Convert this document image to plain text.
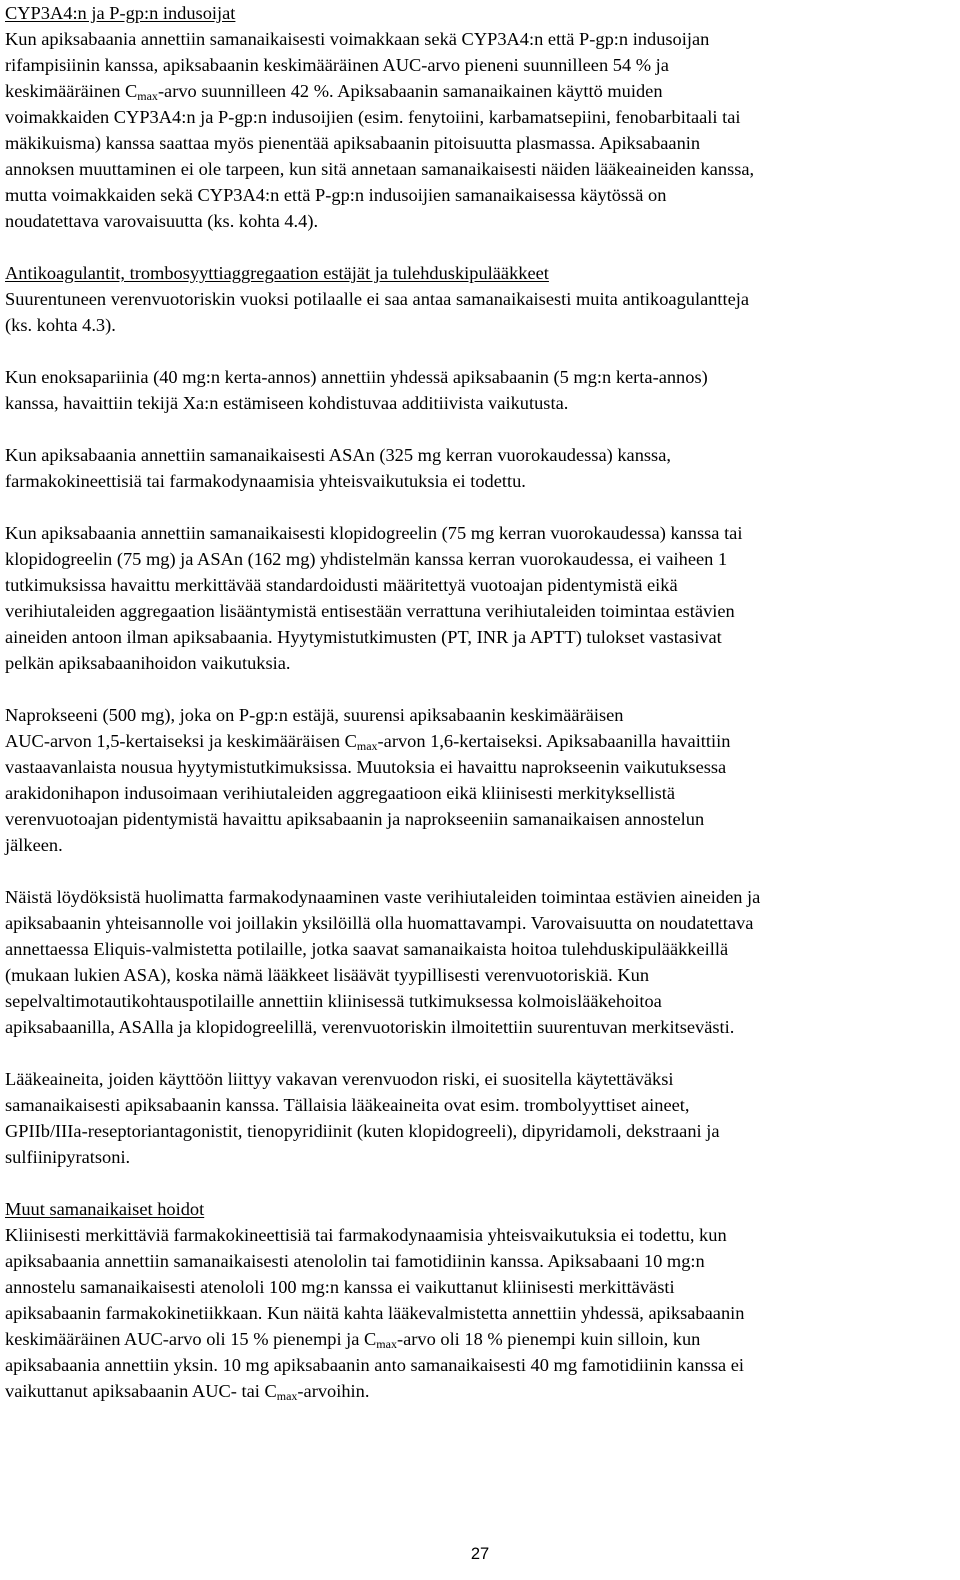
CYP3A4:n ja P-gp:n indusoijat
Kun apiksabaania annettiin samanaikaisesti voimakkaan sekä CYP3A4:n että P-gp:n indusoijan
rifampisiinin kanssa, apiksabaanin keskimääräinen AUC-arvo pieneni suunnilleen 54 % ja
keskimääräinen $C_{max}$-arvo suunnilleen 42 %. Apiksabaanin samanaikainen käyttö muiden
voimakkaiden CYP3A4:n ja P-gp:n indusoijien (esim. fenytoiini, karbamatsepiini, fenobarbitaali tai
mäkikuisma) kanssa saattaa myös pienentää apiksabaanin pitoisuutta plasmassa. Apiksabaanin
annoksen muuttaminen ei ole tarpeen, kun sitä annetaan samanaikaisesti näiden lääkeaineiden kanssa,
mutta voimakkaiden sekä CYP3A4:n että P-gp:n indusoijien samanaikaisessa käytössä on
noudatettava varovaisuutta (ks. kohta 4.4).
Antikoagulantit, trombosyyttiaggregaation estäjät ja tulehduskipulääkkeet
Suurentuneen verenvuotoriskin vuoksi potilaalle ei saa antaa samanaikaisesti muita antikoagulantteja
(ks. kohta 4.3).
Kun enoksapariinia (40 mg:n kerta-annos) annettiin yhdessä apiksabaanin (5 mg:n kerta-annos)
kanssa, havaittiin tekijä Xa:n estämiseen kohdistuvaa additiivista vaikutusta.
Kun apiksabaania annettiin samanaikaisesti ASAn (325 mg kerran vuorokaudessa) kanssa,
farmakokineettisiä tai farmakodynaamisia yhteisvaikutuksia ei todettu.
Kun apiksabaania annettiin samanaikaisesti klopidogreelin (75 mg kerran vuorokaudessa) kanssa tai
klopidogreelin (75 mg) ja ASAn (162 mg) yhdistelmän kanssa kerran vuorokaudessa, ei vaiheen 1
tutkimuksissa havaittu merkittävää standardoidusti määritettyä vuotoajan pidentymistä eikä
verihiutaleiden aggregaation lisääntymistä entisestään verrattuna verihiutaleiden toimintaa estävien
aineiden antoon ilman apiksabaania. Hyytymistutkimusten (PT, INR ja APTT) tulokset vastasivat
pelkän apiksabaanihoidon vaikutuksia.
Naprokseeni (500 mg), joka on P-gp:n estäjä, suurensi apiksabaanin keskimääräisen
AUC-arvon 1,5-kertaiseksi ja keskimääräisen $C_{max}$-arvon 1,6-kertaiseksi. Apiksabaanilla havaittiin
vastaavanlaista nousua hyytymistutkimuksissa. Muutoksia ei havaittu naprokseenin vaikutuksessa
arakidonihapon indusoimaan verihiutaleiden aggregaatioon eikä kliinisesti merkityksellistä
verenvuotoajan pidentymistä havaittu apiksabaanin ja naprokseeniin samanaikaisen annostelun
jälkeen.
Näistä löydöksistä huolimatta farmakodynaaminen vaste verihiutaleiden toimintaa estävien aineiden ja
apiksabaanin yhteisannolle voi joillakin yksilöillä olla huomattavampi. Varovaisuutta on noudatettava
annettaessa Eliquis-valmistetta potilaille, jotka saavat samanaikaista hoitoa tulehduskipulääkkeillä
(mukaan lukien ASA), koska nämä lääkkeet lisäävät tyypillisesti verenvuotoriskiä. Kun
sepelvaltimotautikohtauspotilaille annettiin kliinisessä tutkimuksessa kolmoislääkehoitoa
apiksabaanilla, ASAlla ja klopidogreelillä, verenvuotoriskin ilmoitettiin suurentuvan merkitsevästi.
Lääkeaineita, joiden käyttöön liittyy vakavan verenvuodon riski, ei suositella käytettäväksi
samanaikaisesti apiksabaanin kanssa. Tällaisia lääkeaineita ovat esim. trombolyyttiset aineet,
GPIIb/IIIa-reseptoriantagonistit, tienopyridiinit (kuten klopidogreeli), dipyridamoli, dekstraani ja
sulfiinipyratsoni.
Muut samanaikaiset hoidot
Kliinisesti merkittäviä farmakokineettisiä tai farmakodynaamisia yhteisvaikutuksia ei todettu, kun
apiksabaania annettiin samanaikaisesti atenololin tai famotidiinin kanssa. Apiksabaani 10 mg:n
annostelu samanaikaisesti atenololi 100 mg:n kanssa ei vaikuttanut kliinisesti merkittävästi
apiksabaanin farmakokinetiikkaan. Kun näitä kahta lääkevalmistetta annettiin yhdessä, apiksabaanin
keskimääräinen AUC-arvo oli 15 % pienempi ja $C_{max}$-arvo oli 18 % pienempi kuin silloin, kun
apiksabaania annettiin yksin. 10 mg apiksabaanin anto samanaikaisesti 40 mg famotidiinin kanssa ei
vaikuttanut apiksabaanin AUC- tai $C_{max}$-arvoihin.
27
